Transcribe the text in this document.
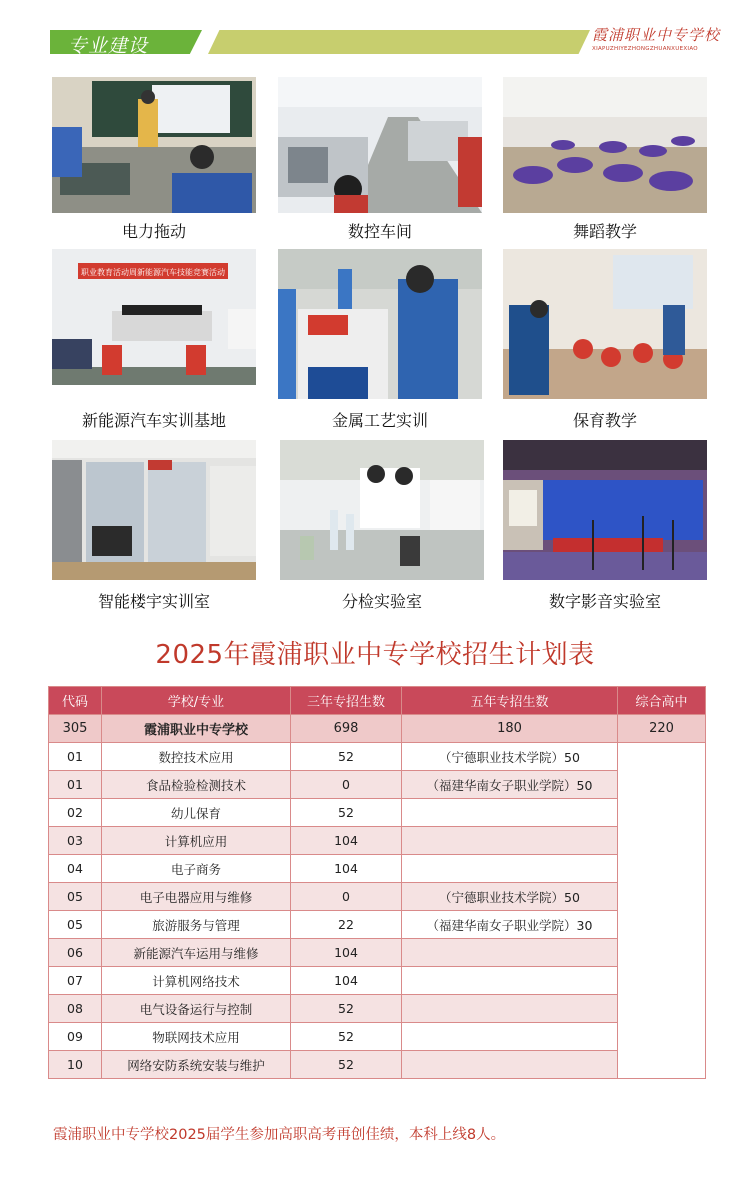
专业建设	霞浦职业中专学校
XIAPUZHIYEZHONGZHUANXUEXIAO
电力拖动	数控车间	舞蹈教学
职业教育活动周新能源汽车技能竞赛活动
新能源汽车实训基地	金属工艺实训	保育教学
智能楼宇实训室	分检实验室	数字影音实验室
2025年霞浦职业中专学校招生计划表
代码	学校/专业	三年专招生数	五年专招生数	综合高中
305	霞浦职业中专学校	698	180	220
01	数控技术应用	52	（宁德职业技术学院）50	
01	食品检验检测技术	0	（福建华南女子职业学院）50	
02	幼儿保育	52		
03	计算机应用	104		
04	电子商务	104		
05	电子电器应用与维修	0	（宁德职业技术学院）50	
05	旅游服务与管理	22	（福建华南女子职业学院）30	
06	新能源汽车运用与维修	104		
07	计算机网络技术	104		
08	电气设备运行与控制	52		
09	物联网技术应用	52		
10	网络安防系统安装与维护	52		
霞浦职业中专学校2025届学生参加高职高考再创佳绩，本科上线8人。
